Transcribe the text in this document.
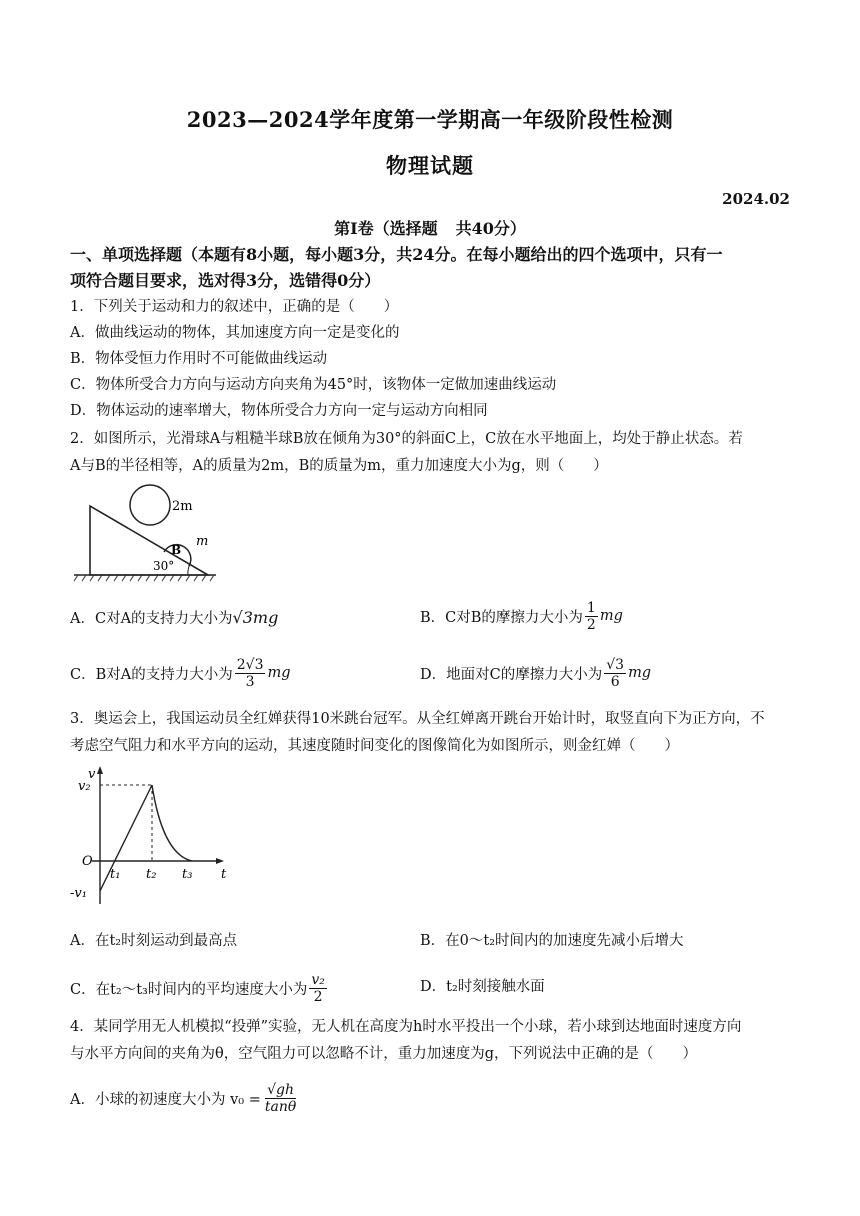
2023—2024学年度第一学期高一年级阶段性检测
物理试题
2024.02
第Ⅰ卷（选择题 共40分）
一、单项选择题（本题有8小题，每小题3分，共24分。在每小题给出的四个选项中，只有一
项符合题目要求，选对得3分，选错得0分）
1．下列关于运动和力的叙述中，正确的是（　　）
A．做曲线运动的物体，其加速度方向一定是变化的
B．物体受恒力作用时不可能做曲线运动
C．物体所受合力方向与运动方向夹角为45°时，该物体一定做加速曲线运动
D．物体运动的速率增大，物体所受合力方向一定与运动方向相同
2．如图所示，光滑球A与粗糙半球B放在倾角为30°的斜面C上，C放在水平地面上，均处于静止状态。若
A与B的半径相等，A的质量为2m，B的质量为m，重力加速度大小为g，则（　　）
2m
m
B
30°
A．C对A的支持力大小为 √3mg	B．C对B的摩擦力大小为 $\frac{1}{2}$ mg
C．B对A的支持力大小为 $\frac{2√3}{3}$ mg	D．地面对C的摩擦力大小为 $\frac{√3}{6}$ mg
3．奥运会上，我国运动员全红婵获得10米跳台冠军。从全红婵离开跳台开始计时，取竖直向下为正方向，不
考虑空气阻力和水平方向的运动，其速度随时间变化的图像简化为如图所示，则金红婵（　　）
v
t
O
v₂
-v₁
t₁ t₂ t₃
A．在t₂时刻运动到最高点	B．在0～t₂时间内的加速度先减小后增大
C．在t₂～t₃时间内的平均速度大小为 $\frac{\text{v₂}}{2}$	D．t₂时刻接触水面
4．某同学用无人机模拟“投弹”实验，无人机在高度为h时水平投出一个小球，若小球到达地面时速度方向
与水平方向间的夹角为θ，空气阻力可以忽略不计，重力加速度为g，下列说法中正确的是（　　）
A．小球的初速度大小为 $v_0 = \frac{√gh}{\tan\theta}$
